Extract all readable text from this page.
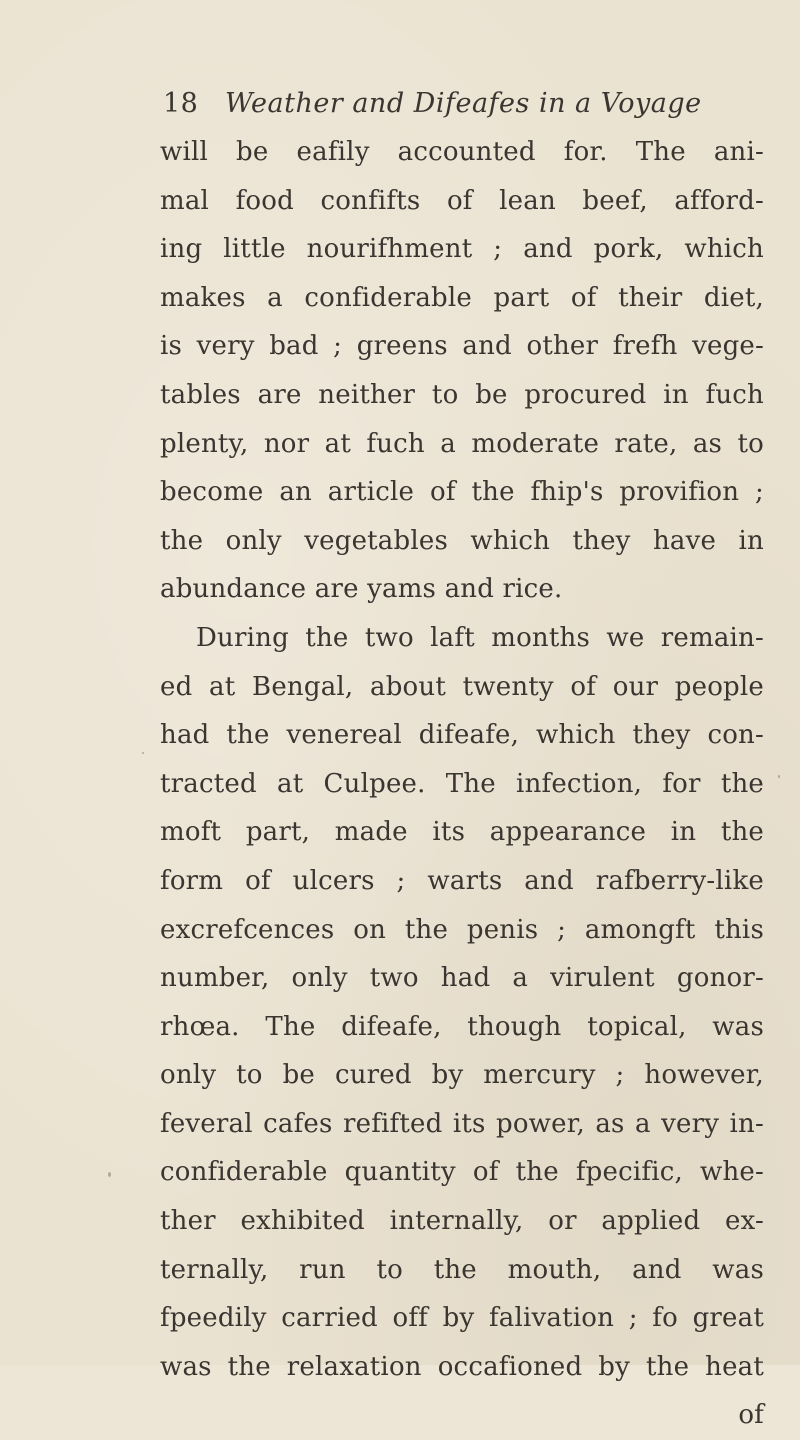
18 Weather and Difeafes in a Voyage
will be eafily accounted for. The ani-
mal food confifts of lean beef, afford-
ing little nourifhment ; and pork, which
makes a confiderable part of their diet,
is very bad ; greens and other frefh vege-
tables are neither to be procured in fuch
plenty, nor at fuch a moderate rate, as to
become an article of the fhip's provifion ;
the only vegetables which they have in
abundance are yams and rice.
During the two laft months we remain-
ed at Bengal, about twenty of our people
had the venereal difeafe, which they con-
tracted at Culpee. The infection, for the
moft part, made its appearance in the
form of ulcers ; warts and rafberry-like
excrefcences on the penis ; amongft this
number, only two had a virulent gonor-
rhœa. The difeafe, though topical, was
only to be cured by mercury ; however,
feveral cafes refifted its power, as a very in-
confiderable quantity of the fpecific, whe-
ther exhibited internally, or applied ex-
ternally, run to the mouth, and was
fpeedily carried off by falivation ; fo great
was the relaxation occafioned by the heat
of
